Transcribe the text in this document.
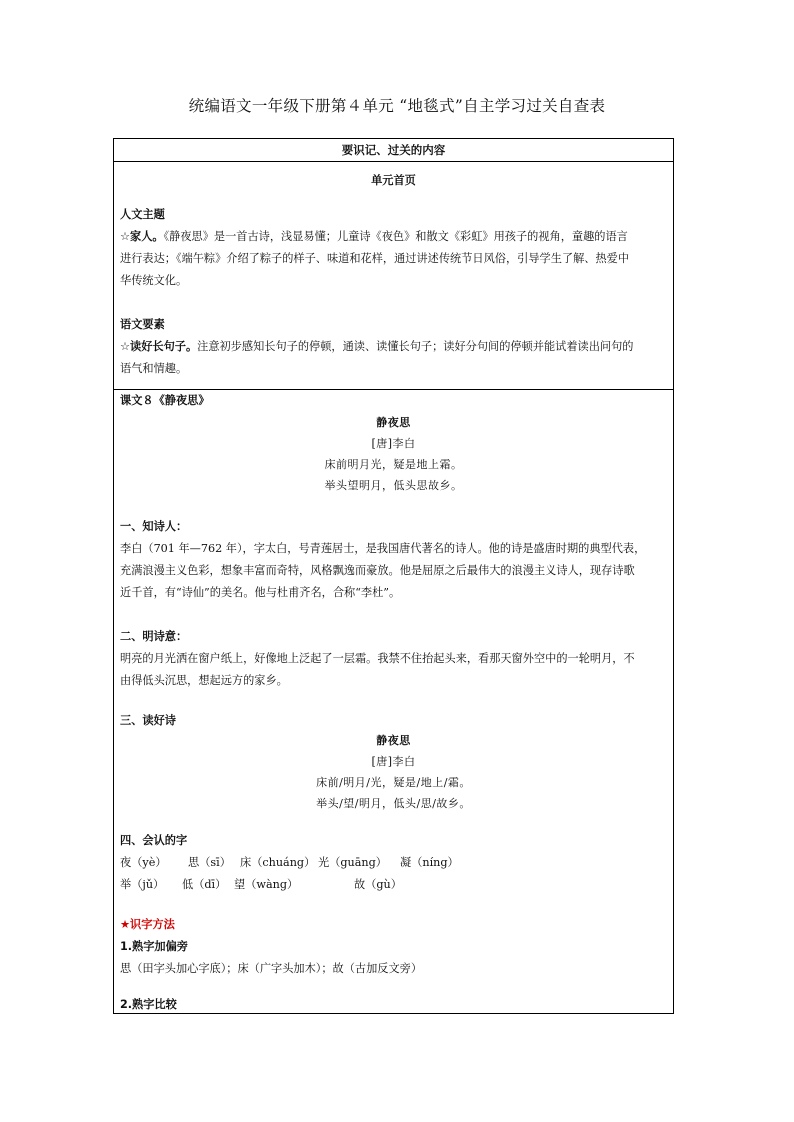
统编语文一年级下册第４单元 “地毯式”自主学习过关自查表
要识记、过关的内容
单元首页
人文主题
☆家人。《静夜思》是一首古诗，浅显易懂；儿童诗《夜色》和散文《彩虹》用孩子的视角，童趣的语言
进行表达；《端午粽》介绍了粽子的样子、味道和花样，通过讲述传统节日风俗，引导学生了解、热爱中
华传统文化。
语文要素
☆读好长句子。注意初步感知长句子的停顿，通读、读懂长句子；读好分句间的停顿并能试着读出问句的
语气和情趣。
课文８《静夜思》
静夜思
[唐]李白
床前明月光，疑是地上霜。
举头望明月，低头思故乡。
一、知诗人：
李白（701 年—762 年），字太白，号青莲居士，是我国唐代著名的诗人。他的诗是盛唐时期的典型代表，
充满浪漫主义色彩，想象丰富而奇特，风格飘逸而豪放。他是屈原之后最伟大的浪漫主义诗人，现存诗歌
近千首，有“诗仙”的美名。他与杜甫齐名，合称“李杜”。
二、明诗意：
明亮的月光洒在窗户纸上，好像地上泛起了一层霜。我禁不住抬起头来，看那天窗外空中的一轮明月，不
由得低头沉思，想起远方的家乡。
三、读好诗
静夜思
[唐]李白
床前/明月/光，疑是/地上/霜。
举头/望/明月，低头/思/故乡。
四、会认的字
夜（yè） 思（sī） 床（chuáng） 光（guāng） 凝（níng）
举（jǔ） 低（dī） 望（wàng）	故（gù）
★识字方法
1.熟字加偏旁
思（田字头加心字底）；床（广字头加木）；故（古加反文旁）
2.熟字比较
